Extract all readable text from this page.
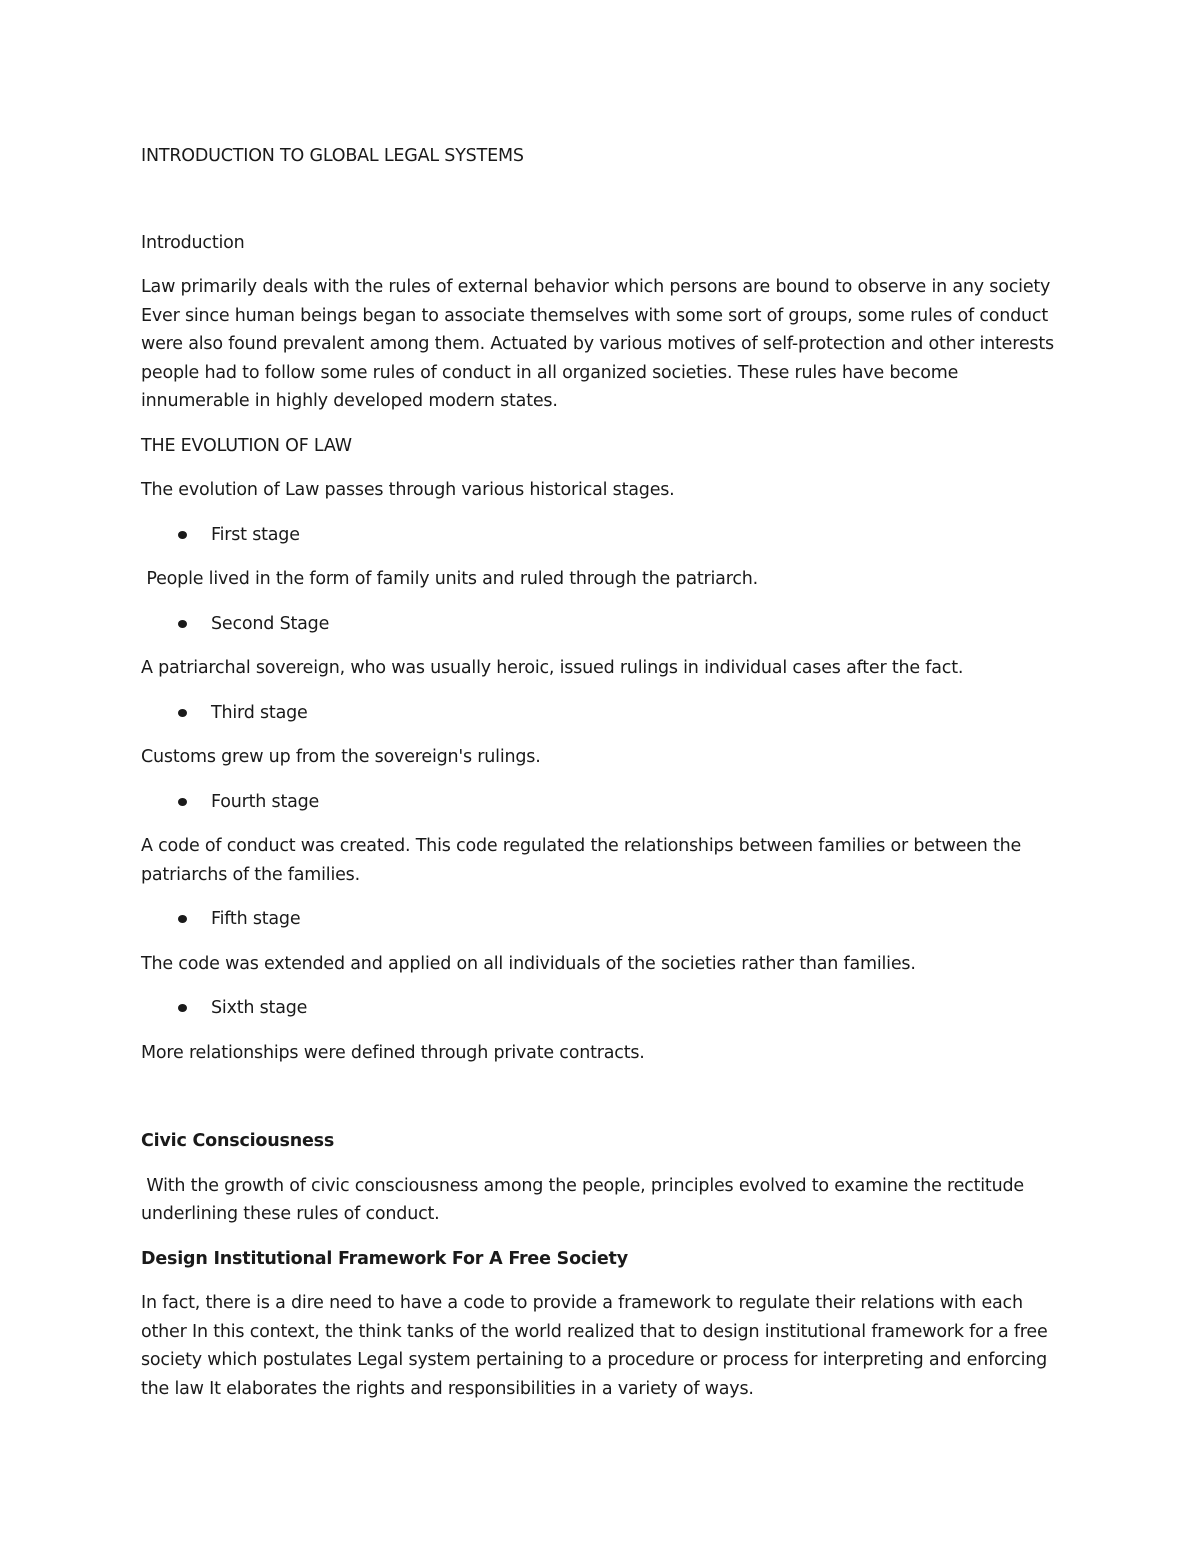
INTRODUCTION TO GLOBAL LEGAL SYSTEMS

Introduction

Law primarily deals with the rules of external behavior which persons are bound to observe in any society Ever since human beings began to associate themselves with some sort of groups, some rules of conduct were also found prevalent among them. Actuated by various motives of self-protection and other interests people had to follow some rules of conduct in all organized societies. These rules have become innumerable in highly developed modern states.

THE EVOLUTION OF LAW

The evolution of Law passes through various historical stages.

First stage

People lived in the form of family units and ruled through the patriarch.

Second Stage

A patriarchal sovereign, who was usually heroic, issued rulings in individual cases after the fact.

Third stage

Customs grew up from the sovereign's rulings.

Fourth stage

A code of conduct was created. This code regulated the relationships between families or between the patriarchs of the families.

Fifth stage

The code was extended and applied on all individuals of the societies rather than families.

Sixth stage

More relationships were defined through private contracts.

Civic Consciousness

With the growth of civic consciousness among the people, principles evolved to examine the rectitude underlining these rules of conduct.

Design Institutional Framework For A Free Society

In fact, there is a dire need to have a code to provide a framework to regulate their relations with each other In this context, the think tanks of the world realized that to design institutional framework for a free society which postulates Legal system pertaining to a procedure or process for interpreting and enforcing the law It elaborates the rights and responsibilities in a variety of ways.
